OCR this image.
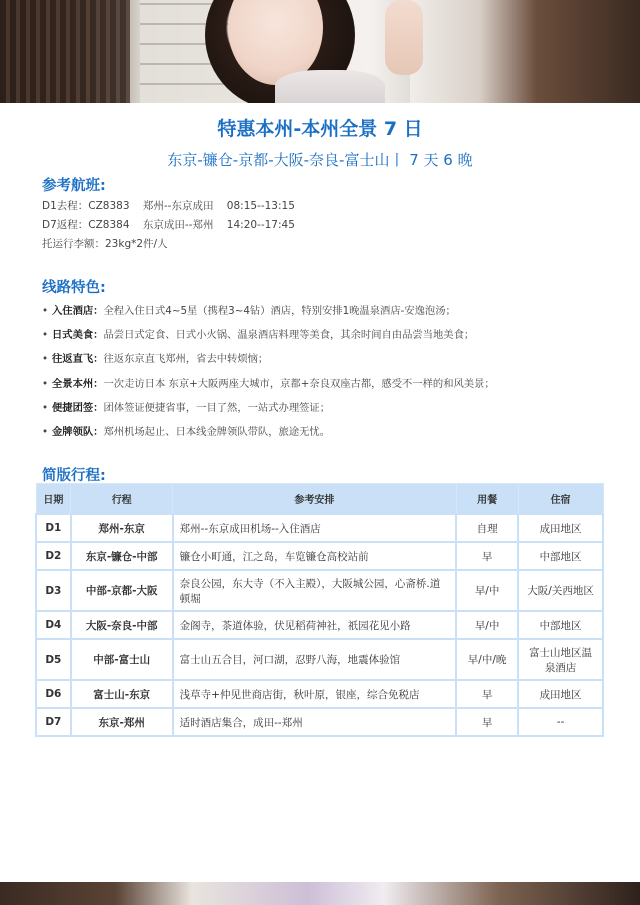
特惠本州-本州全景 7 日
东京-镰仓-京都-大阪-奈良-富士山丨 7 天 6 晚
参考航班:
D1去程：CZ8383    郑州--东京成田    08:15--13:15
D7返程：CZ8384    东京成田--郑州    14:20--17:45
托运行李额：23kg*2件/人
线路特色:
• 入住酒店：全程入住日式4~5星（携程3~4钻）酒店，特别安排1晚温泉酒店-安逸泡汤；
• 日式美食：品尝日式定食、日式小火锅、温泉酒店料理等美食，其余时间自由品尝当地美食；
• 往返直飞：往返东京直飞郑州，省去中转烦恼；
• 全景本州：一次走访日本 东京+大阪两座大城市，京都+奈良双座古都，感受不一样的和风美景；
• 便捷团签：团体签证便捷省事，一目了然，一站式办理签证；
• 金牌领队：郑州机场起止、日本线金牌领队带队，旅途无忧。
简版行程:
日期	行程	参考安排	用餐	住宿
D1	郑州-东京	郑州--东京成田机场--入住酒店	自理	成田地区
D2	东京-镰仓-中部	镰仓小町通，江之岛，车览镰仓高校站前	早	中部地区
D3	中部-京都-大阪	奈良公园，东大寺（不入主殿），大阪城公园，心斋桥.道顿堀	早/中	大阪/关西地区
D4	大阪-奈良-中部	金阁寺，茶道体验，伏见稻荷神社，祇园花见小路	早/中	中部地区
D5	中部-富士山	富士山五合目，河口湖，忍野八海，地震体验馆	早/中/晚	富士山地区温泉酒店
D6	富士山-东京	浅草寺+仲见世商店街，秋叶原，银座，综合免税店	早	成田地区
D7	东京-郑州	适时酒店集合，成田--郑州	早	--
